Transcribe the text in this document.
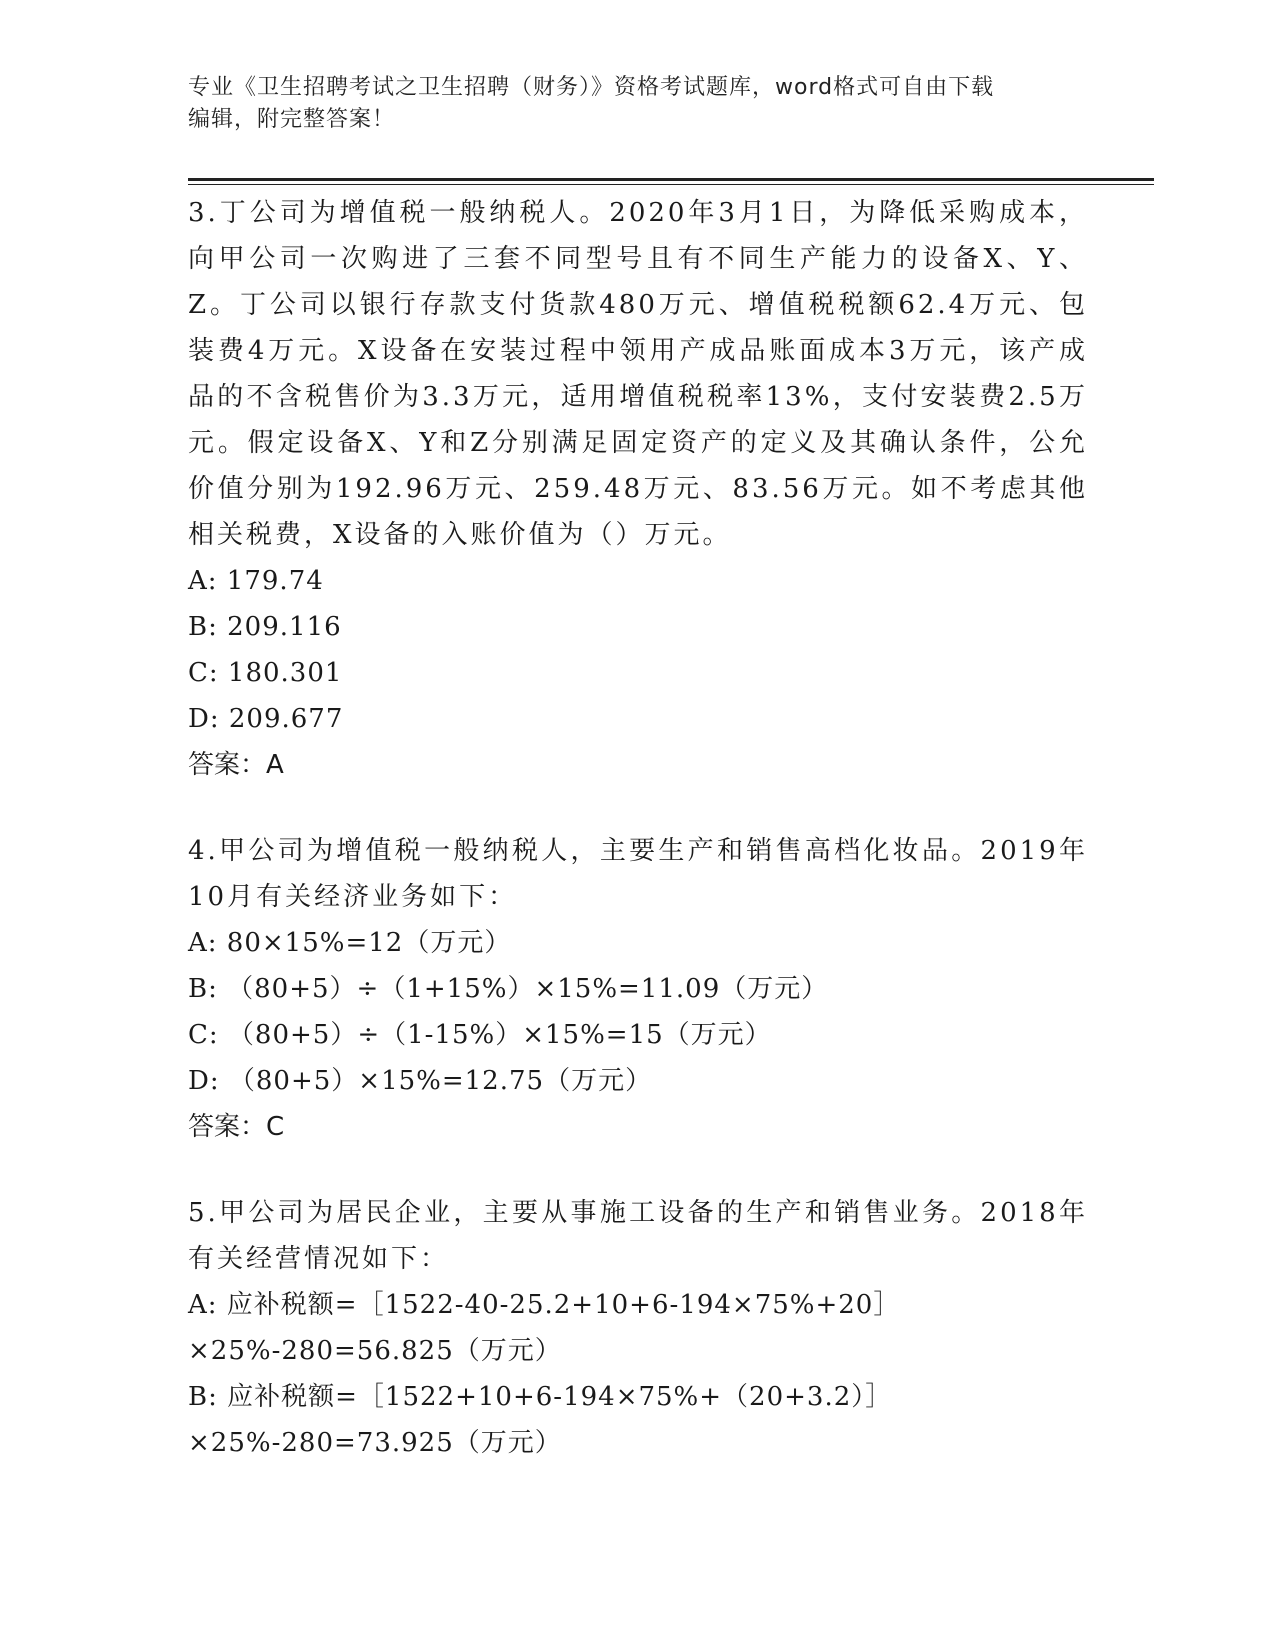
专业《卫生招聘考试之卫生招聘（财务）》资格考试题库，word格式可自由下载
编辑，附完整答案！

3.丁公司为增值税一般纳税人。2020年3月1日，为降低采购成本，向甲公司一次购进了三套不同型号且有不同生产能力的设备X、Y、Z。丁公司以银行存款支付货款480万元、增值税税额62.4万元、包装费4万元。X设备在安装过程中领用产成品账面成本3万元，该产成品的不含税售价为3.3万元，适用增值税税率13%，支付安装费2.5万元。假定设备X、Y和Z分别满足固定资产的定义及其确认条件，公允价值分别为192.96万元、259.48万元、83.56万元。如不考虑其他相关税费，X设备的入账价值为（）万元。

A: 179.74

B: 209.116

C: 180.301

D: 209.677

答案：A

4.甲公司为增值税一般纳税人，主要生产和销售高档化妆品。2019年10月有关经济业务如下：

A: 80×15%=12（万元）

B: （80+5）÷（1+15%）×15%=11.09（万元）

C: （80+5）÷（1-15%）×15%=15（万元）

D: （80+5）×15%=12.75（万元）

答案：C

5.甲公司为居民企业，主要从事施工设备的生产和销售业务。2018年有关经营情况如下：

A: 应补税额=［1522-40-25.2+10+6-194×75%+20］×25%-280=56.825（万元）

B: 应补税额=［1522+10+6-194×75%+（20+3.2）］×25%-280=73.925（万元）
